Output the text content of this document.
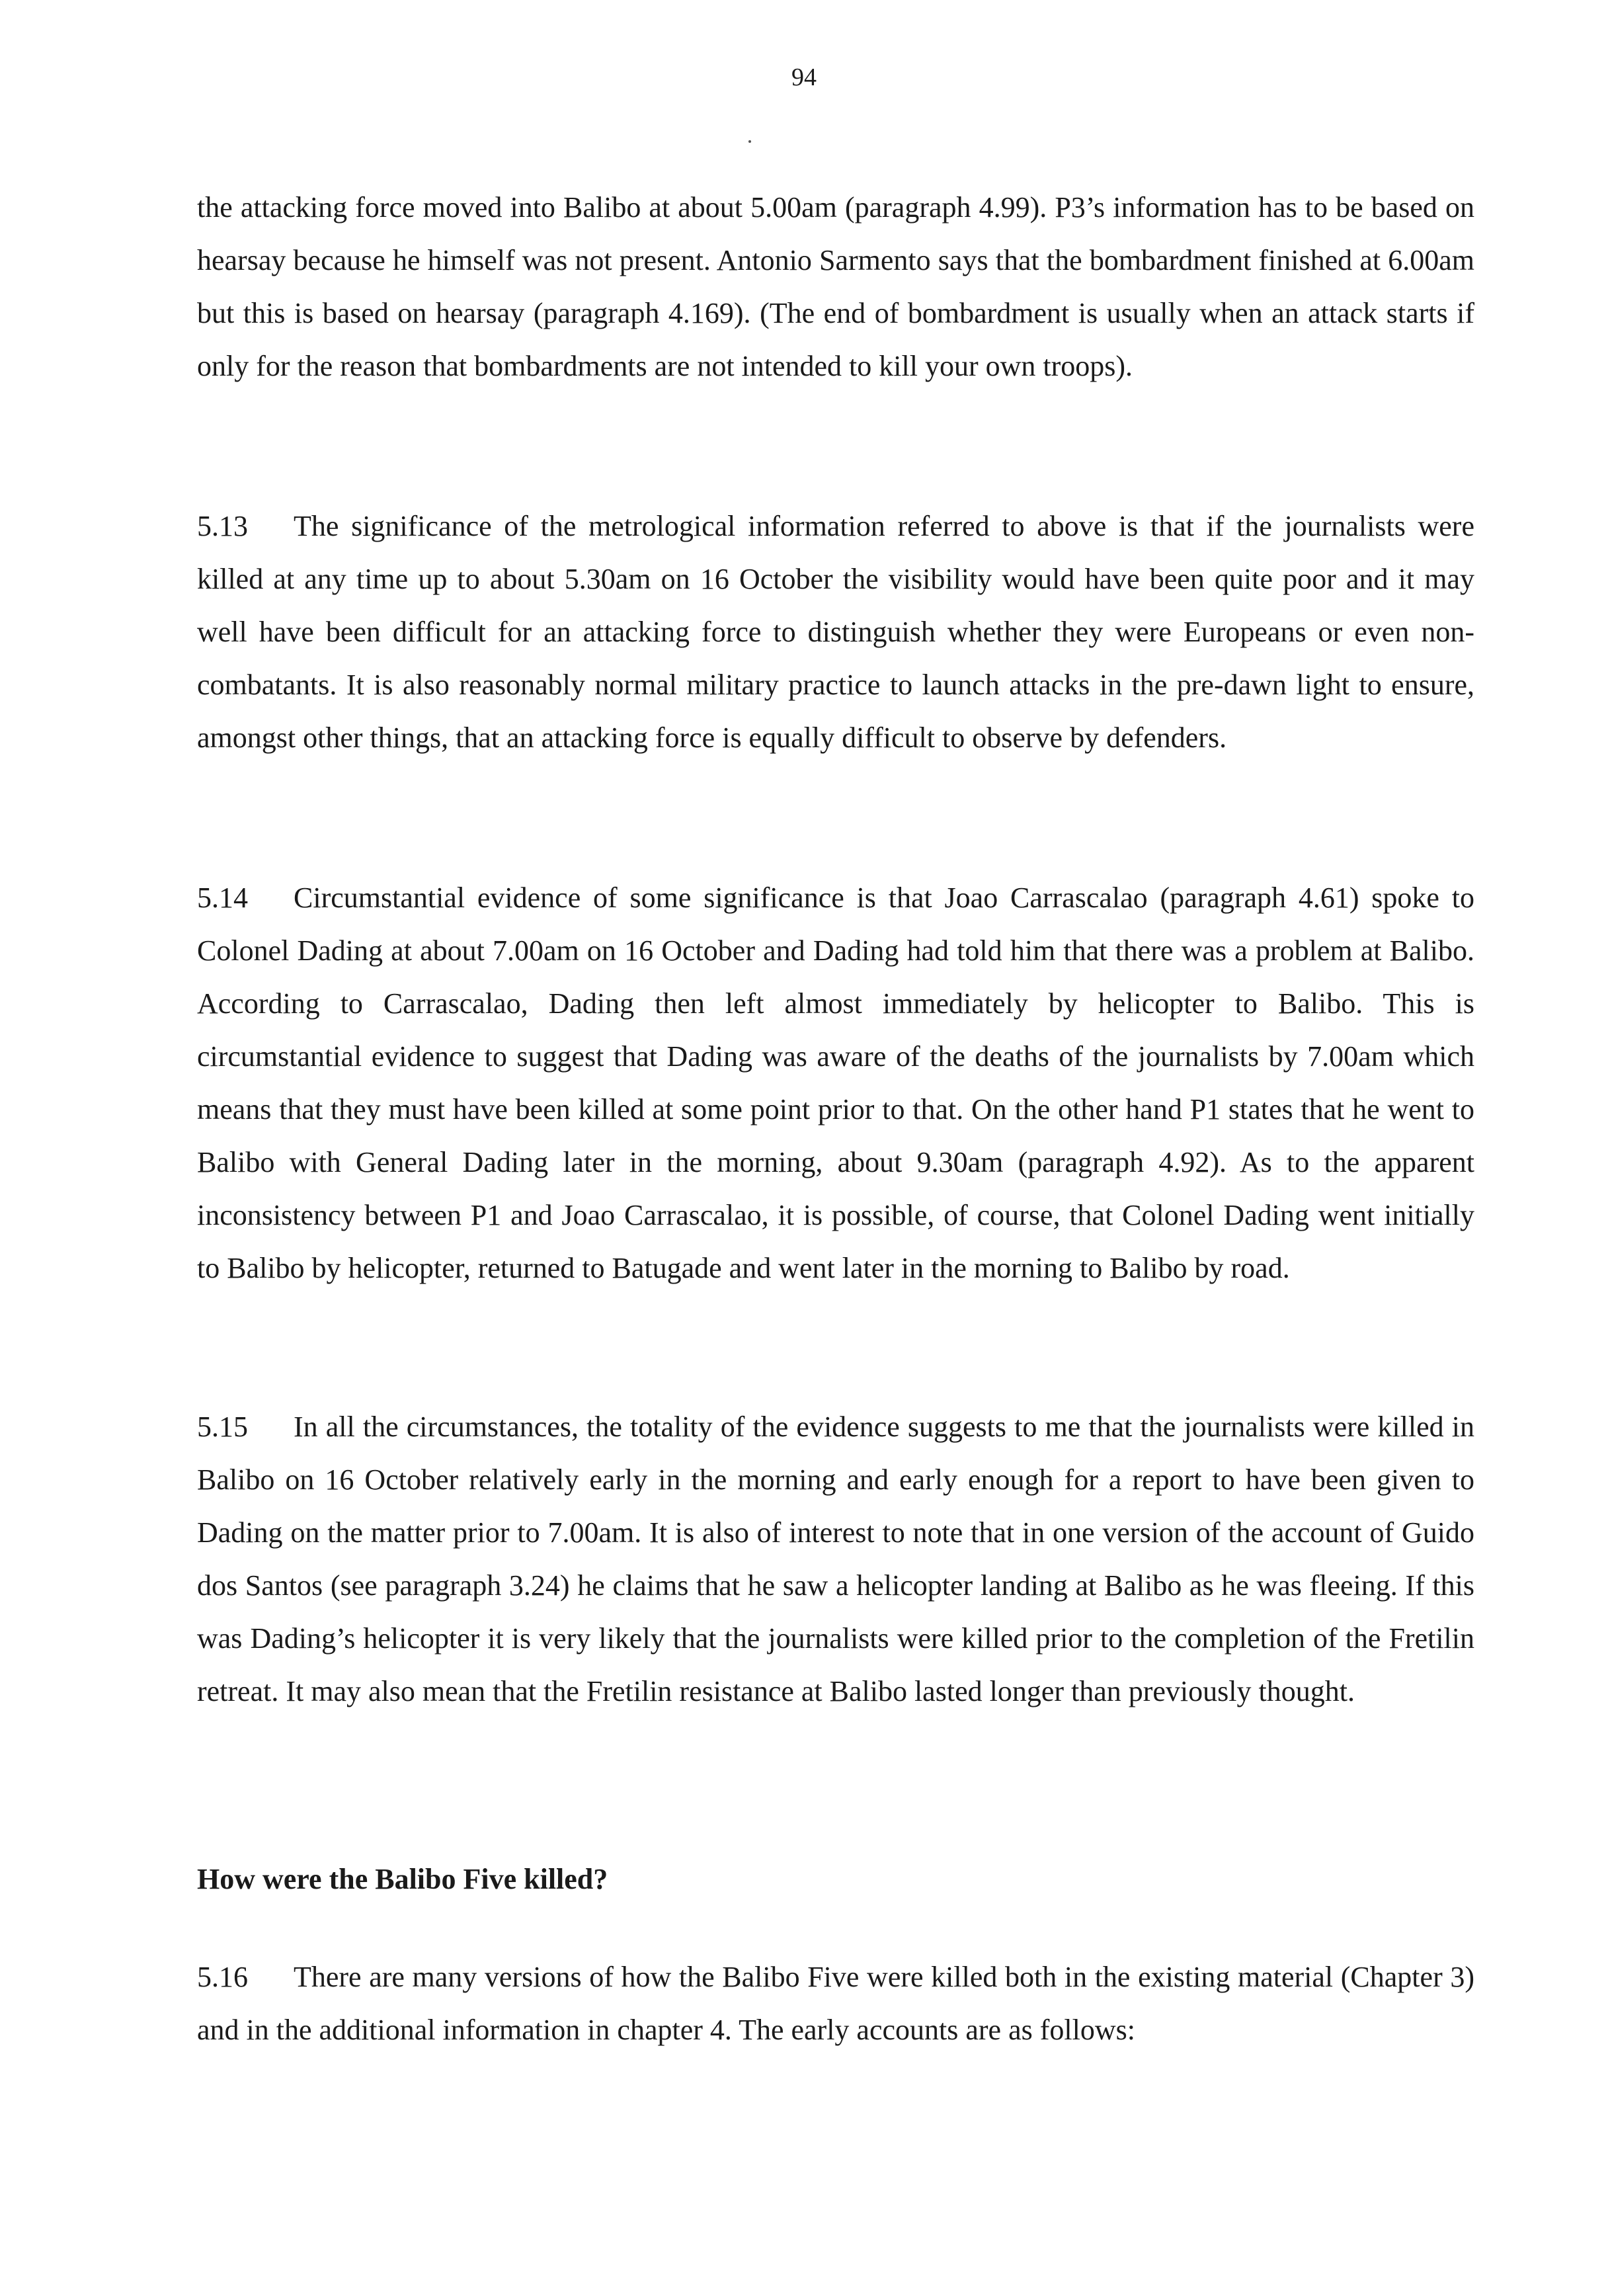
94

the attacking force moved into Balibo at about 5.00am (paragraph 4.99). P3’s information has to be based on hearsay because he himself was not present. Antonio Sarmento says that the bombardment finished at 6.00am but this is based on hearsay (paragraph 4.169). (The end of bombardment is usually when an attack starts if only for the reason that bombardments are not intended to kill your own troops).

5.13 The significance of the metrological information referred to above is that if the journalists were killed at any time up to about 5.30am on 16 October the visibility would have been quite poor and it may well have been difficult for an attacking force to distinguish whether they were Europeans or even non-combatants. It is also reasonably normal military practice to launch attacks in the pre-dawn light to ensure, amongst other things, that an attacking force is equally difficult to observe by defenders.

5.14 Circumstantial evidence of some significance is that Joao Carrascalao (paragraph 4.61) spoke to Colonel Dading at about 7.00am on 16 October and Dading had told him that there was a problem at Balibo. According to Carrascalao, Dading then left almost immediately by helicopter to Balibo. This is circumstantial evidence to suggest that Dading was aware of the deaths of the journalists by 7.00am which means that they must have been killed at some point prior to that. On the other hand P1 states that he went to Balibo with General Dading later in the morning, about 9.30am (paragraph 4.92). As to the apparent inconsistency between P1 and Joao Carrascalao, it is possible, of course, that Colonel Dading went initially to Balibo by helicopter, returned to Batugade and went later in the morning to Balibo by road.

5.15 In all the circumstances, the totality of the evidence suggests to me that the journalists were killed in Balibo on 16 October relatively early in the morning and early enough for a report to have been given to Dading on the matter prior to 7.00am. It is also of interest to note that in one version of the account of Guido dos Santos (see paragraph 3.24) he claims that he saw a helicopter landing at Balibo as he was fleeing. If this was Dading’s helicopter it is very likely that the journalists were killed prior to the completion of the Fretilin retreat. It may also mean that the Fretilin resistance at Balibo lasted longer than previously thought.

How were the Balibo Five killed?

5.16 There are many versions of how the Balibo Five were killed both in the existing material (Chapter 3) and in the additional information in chapter 4. The early accounts are as follows:
